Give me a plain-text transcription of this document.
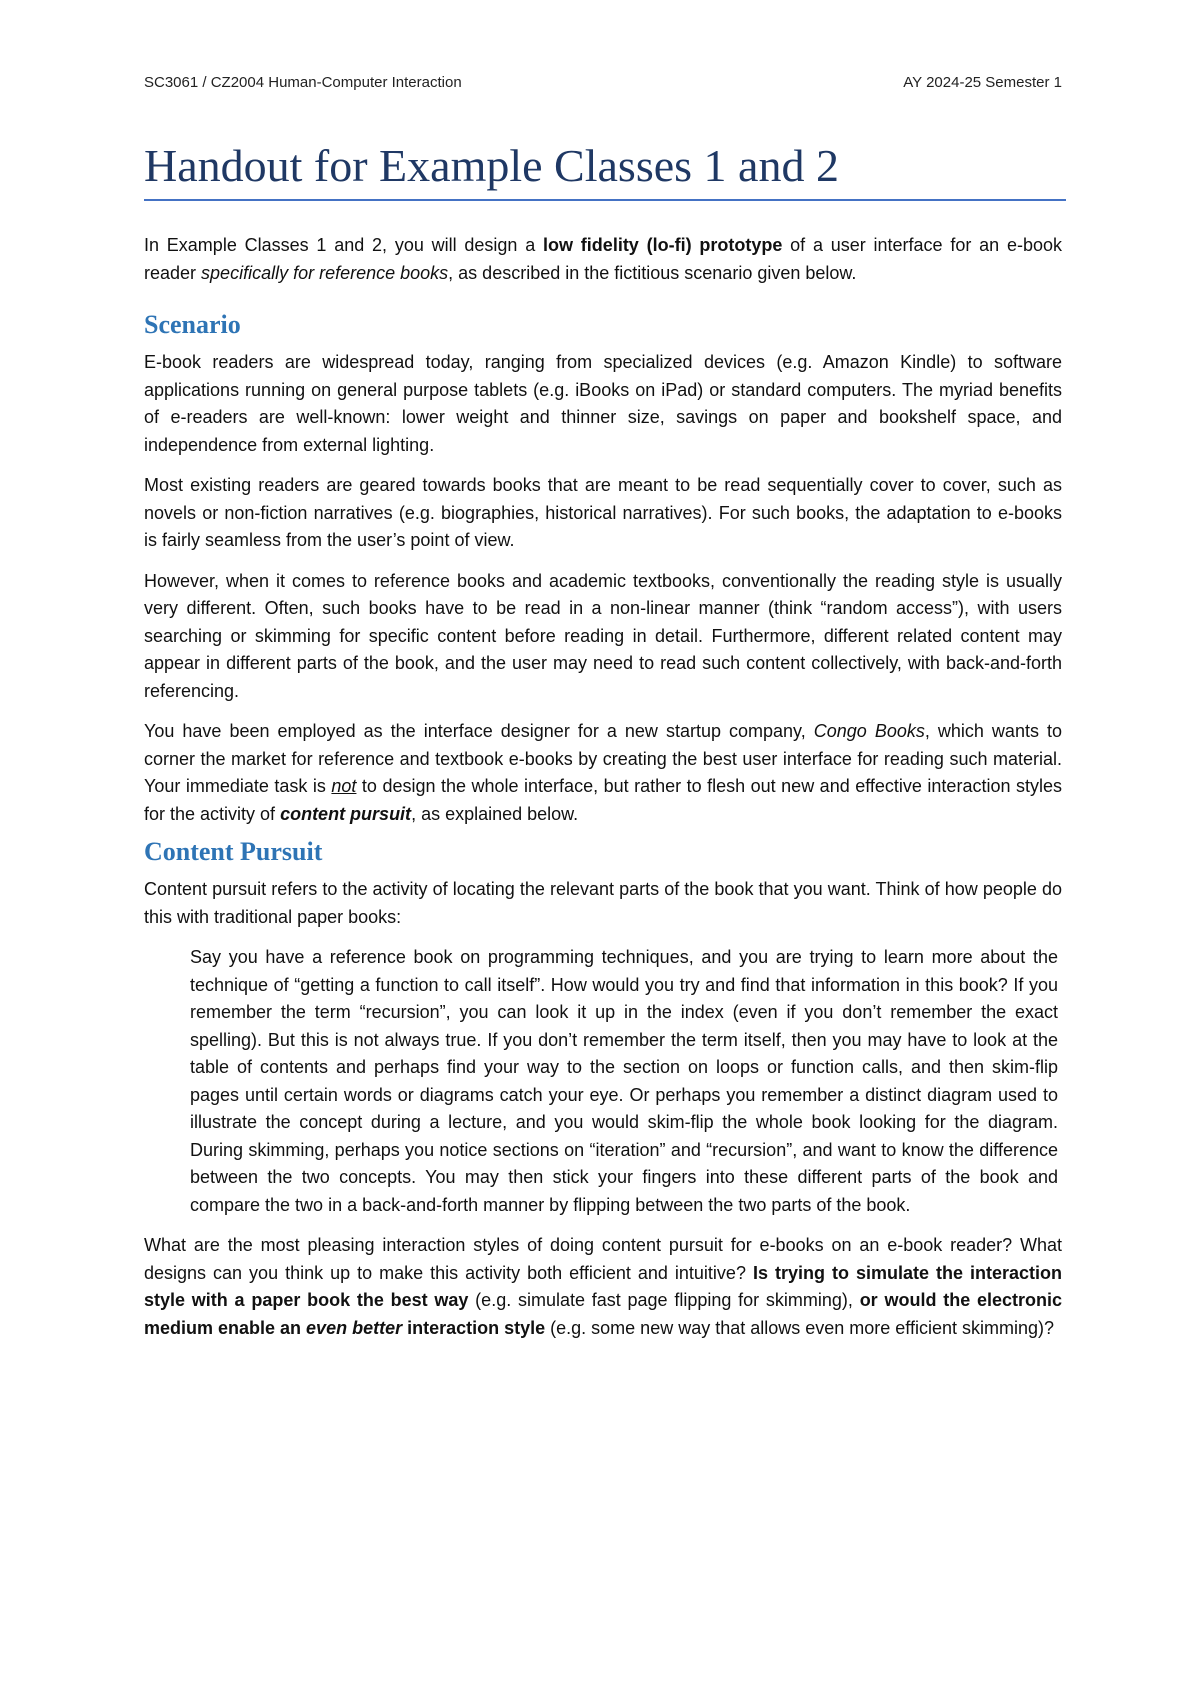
SC3061 / CZ2004 Human-Computer Interaction	AY 2024-25 Semester 1
Handout for Example Classes 1 and 2

In Example Classes 1 and 2, you will design a low fidelity (lo-fi) prototype of a user interface for an e-book reader specifically for reference books, as described in the fictitious scenario given below.

Scenario

E-book readers are widespread today, ranging from specialized devices (e.g. Amazon Kindle) to software applications running on general purpose tablets (e.g. iBooks on iPad) or standard computers. The myriad benefits of e-readers are well-known: lower weight and thinner size, savings on paper and bookshelf space, and independence from external lighting.

Most existing readers are geared towards books that are meant to be read sequentially cover to cover, such as novels or non-fiction narratives (e.g. biographies, historical narratives). For such books, the adaptation to e-books is fairly seamless from the user’s point of view.

However, when it comes to reference books and academic textbooks, conventionally the reading style is usually very different. Often, such books have to be read in a non-linear manner (think “random access”), with users searching or skimming for specific content before reading in detail. Furthermore, different related content may appear in different parts of the book, and the user may need to read such content collectively, with back-and-forth referencing.

You have been employed as the interface designer for a new startup company, Congo Books, which wants to corner the market for reference and textbook e-books by creating the best user interface for reading such material. Your immediate task is not to design the whole interface, but rather to flesh out new and effective interaction styles for the activity of content pursuit, as explained below.

Content Pursuit

Content pursuit refers to the activity of locating the relevant parts of the book that you want. Think of how people do this with traditional paper books:

Say you have a reference book on programming techniques, and you are trying to learn more about the technique of “getting a function to call itself”. How would you try and find that information in this book? If you remember the term “recursion”, you can look it up in the index (even if you don’t remember the exact spelling). But this is not always true. If you don’t remember the term itself, then you may have to look at the table of contents and perhaps find your way to the section on loops or function calls, and then skim-flip pages until certain words or diagrams catch your eye. Or perhaps you remember a distinct diagram used to illustrate the concept during a lecture, and you would skim-flip the whole book looking for the diagram. During skimming, perhaps you notice sections on “iteration” and “recursion”, and want to know the difference between the two concepts. You may then stick your fingers into these different parts of the book and compare the two in a back-and-forth manner by flipping between the two parts of the book.

What are the most pleasing interaction styles of doing content pursuit for e-books on an e-book reader? What designs can you think up to make this activity both efficient and intuitive? Is trying to simulate the interaction style with a paper book the best way (e.g. simulate fast page flipping for skimming), or would the electronic medium enable an even better interaction style (e.g. some new way that allows even more efficient skimming)?
